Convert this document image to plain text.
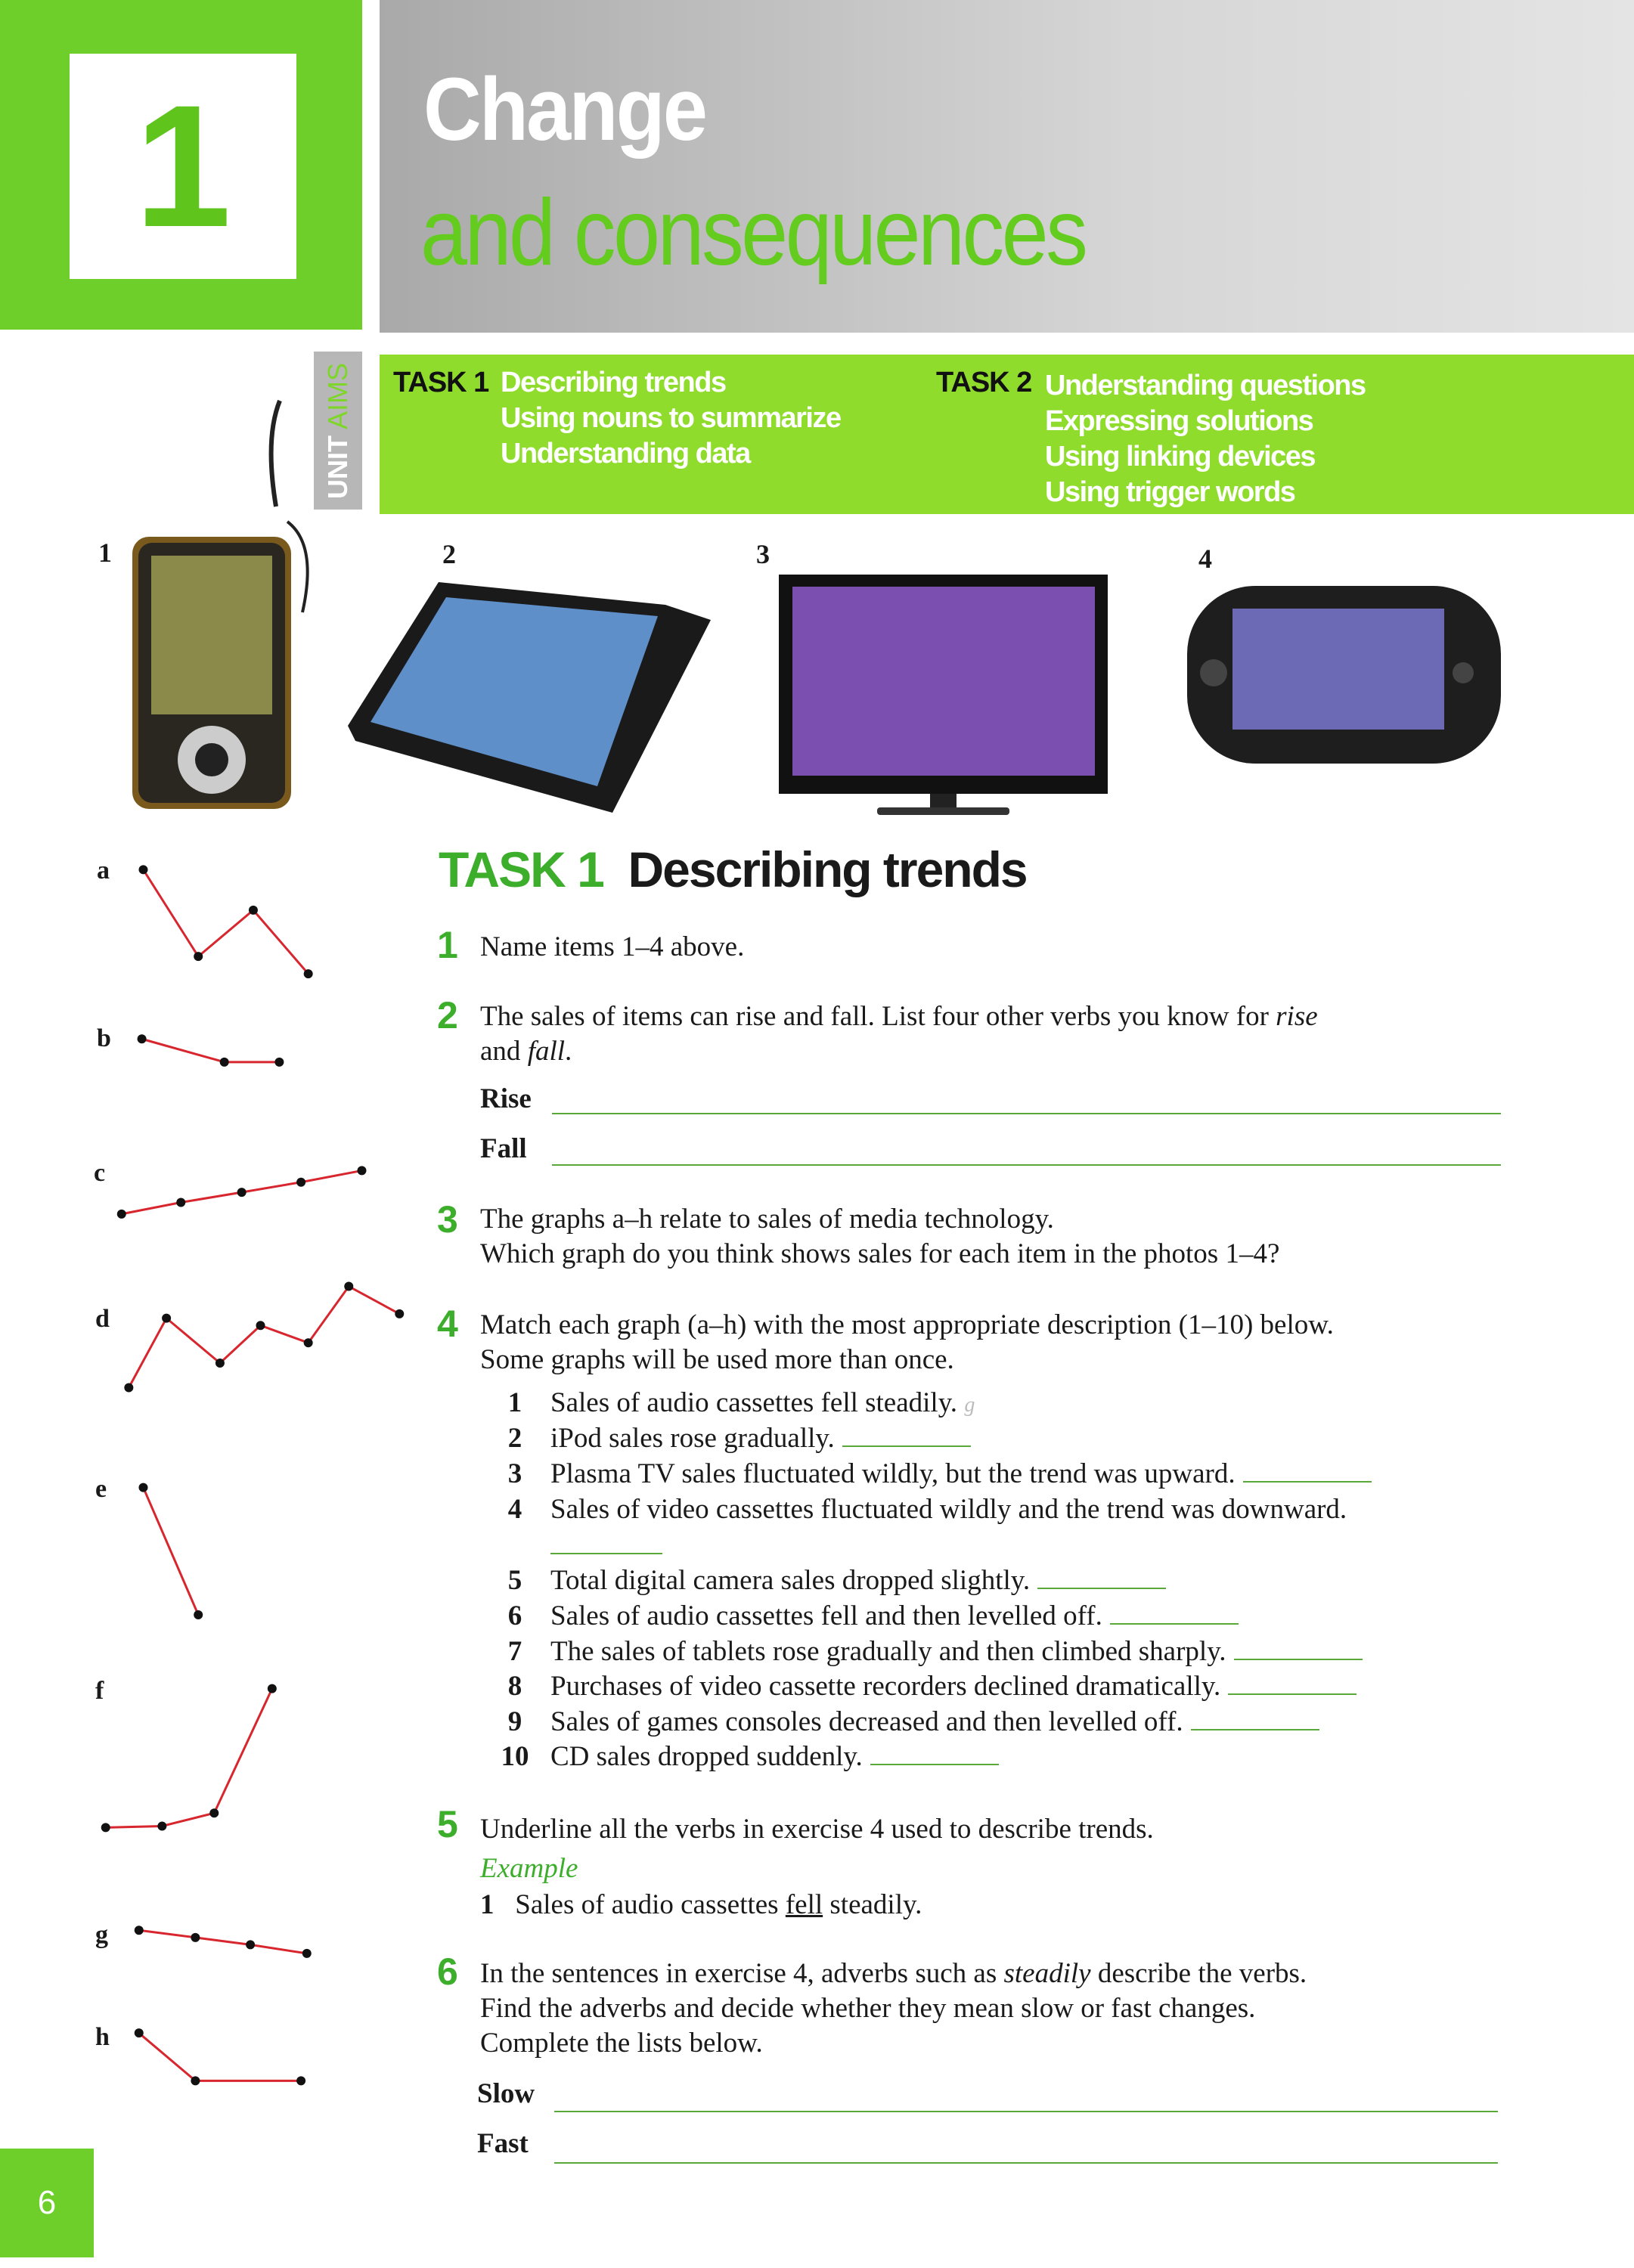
1	Change
and consequences
UNIT AIMS TASK 1 Describing trends
Using nouns to summarize
Understanding data
TASK 2 Understanding questions
Expressing solutions
Using linking devices
Using trigger words
1	2	3	4
a
b
c
d
e
f
g
h
TASK 1 Describing trends
1 Name items 1–4 above.
2 The sales of items can rise and fall. List four other verbs you know for rise
and fall.
Rise
Fall
3 The graphs a–h relate to sales of media technology.
Which graph do you think shows sales for each item in the photos 1–4?
4 Match each graph (a–h) with the most appropriate description (1–10) below.
Some graphs will be used more than once.
1 Sales of audio cassettes fell steadily. g
2 iPod sales rose gradually.
3 Plasma TV sales fluctuated wildly, but the trend was upward.
4 Sales of video cassettes fluctuated wildly and the trend was downward.
5 Total digital camera sales dropped slightly.
6 Sales of audio cassettes fell and then levelled off.
7 The sales of tablets rose gradually and then climbed sharply.
8 Purchases of video cassette recorders declined dramatically.
9 Sales of games consoles decreased and then levelled off.
10 CD sales dropped suddenly.
5 Underline all the verbs in exercise 4 used to describe trends.
Example
1 Sales of audio cassettes fell steadily.
6 In the sentences in exercise 4, adverbs such as steadily describe the verbs.
Find the adverbs and decide whether they mean slow or fast changes.
Complete the lists below.
Slow
Fast
6
